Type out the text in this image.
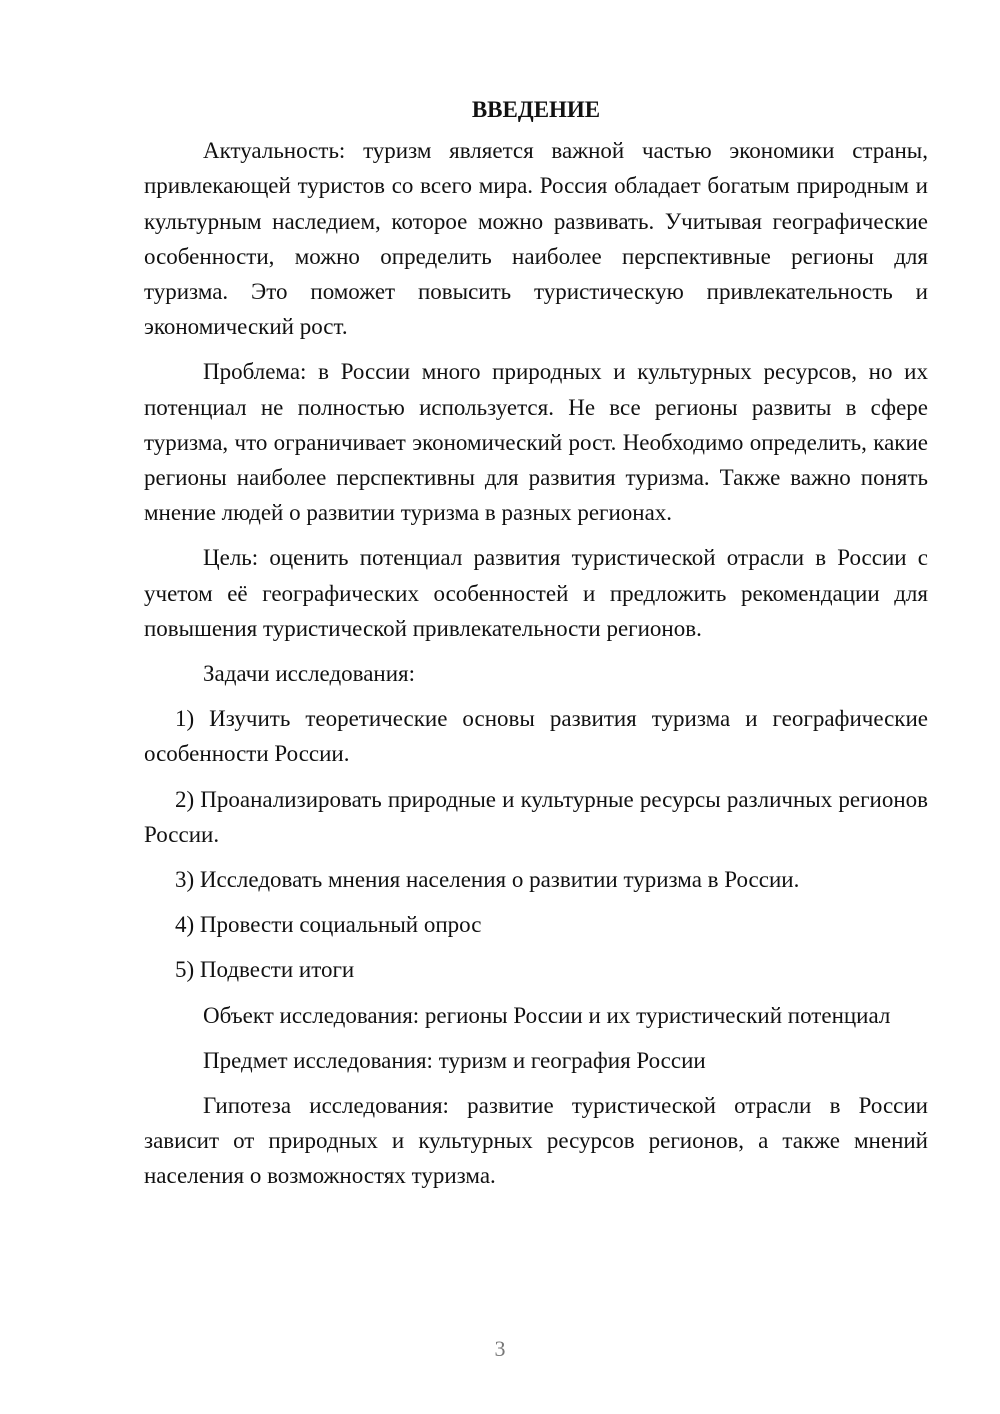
ВВЕДЕНИЕ

Актуальность: туризм является важной частью экономики страны, привлекающей туристов со всего мира. Россия обладает богатым природным и культурным наследием, которое можно развивать. Учитывая географические особенности, можно определить наиболее перспективные регионы для туризма. Это поможет повысить туристическую привлекательность и экономический рост.

Проблема: в России много природных и культурных ресурсов, но их потенциал не полностью используется. Не все регионы развиты в сфере туризма, что ограничивает экономический рост. Необходимо определить, какие регионы наиболее перспективны для развития туризма. Также важно понять мнение людей о развитии туризма в разных регионах.

Цель: оценить потенциал развития туристической отрасли в России с учетом её географических особенностей и предложить рекомендации для повышения туристической привлекательности регионов.

Задачи исследования:

1) Изучить теоретические основы развития туризма и географические особенности России.

2) Проанализировать природные и культурные ресурсы различных регионов России.

3) Исследовать мнения населения о развитии туризма в России.

4) Провести социальный опрос

5) Подвести итоги

Объект исследования: регионы России и их туристический потенциал

Предмет исследования: туризм и география России

Гипотеза исследования: развитие туристической отрасли в России зависит от природных и культурных ресурсов регионов, а также мнений населения о возможностях туризма.

3
